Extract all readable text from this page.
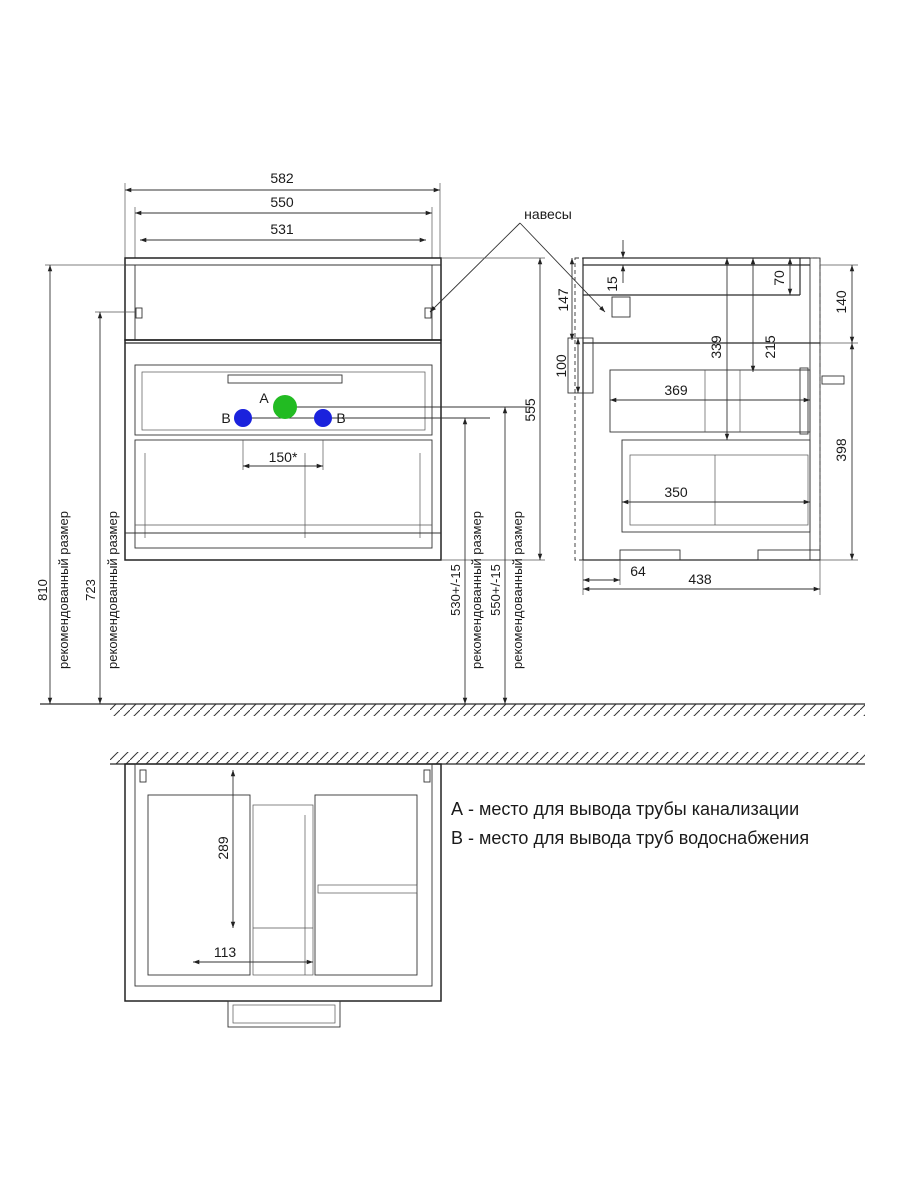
582
550
531
A
B	B
150*
навесы
555
810 рекомендованный размер 723 рекомендованный размер	530+/-15 рекомендованный размер 550+/-15 рекомендованный размер
147
15
100
70
339	215
140
398
369
350
64	438
289
113
А - место для вывода трубы канализации
В - место для вывода труб водоснабжения
